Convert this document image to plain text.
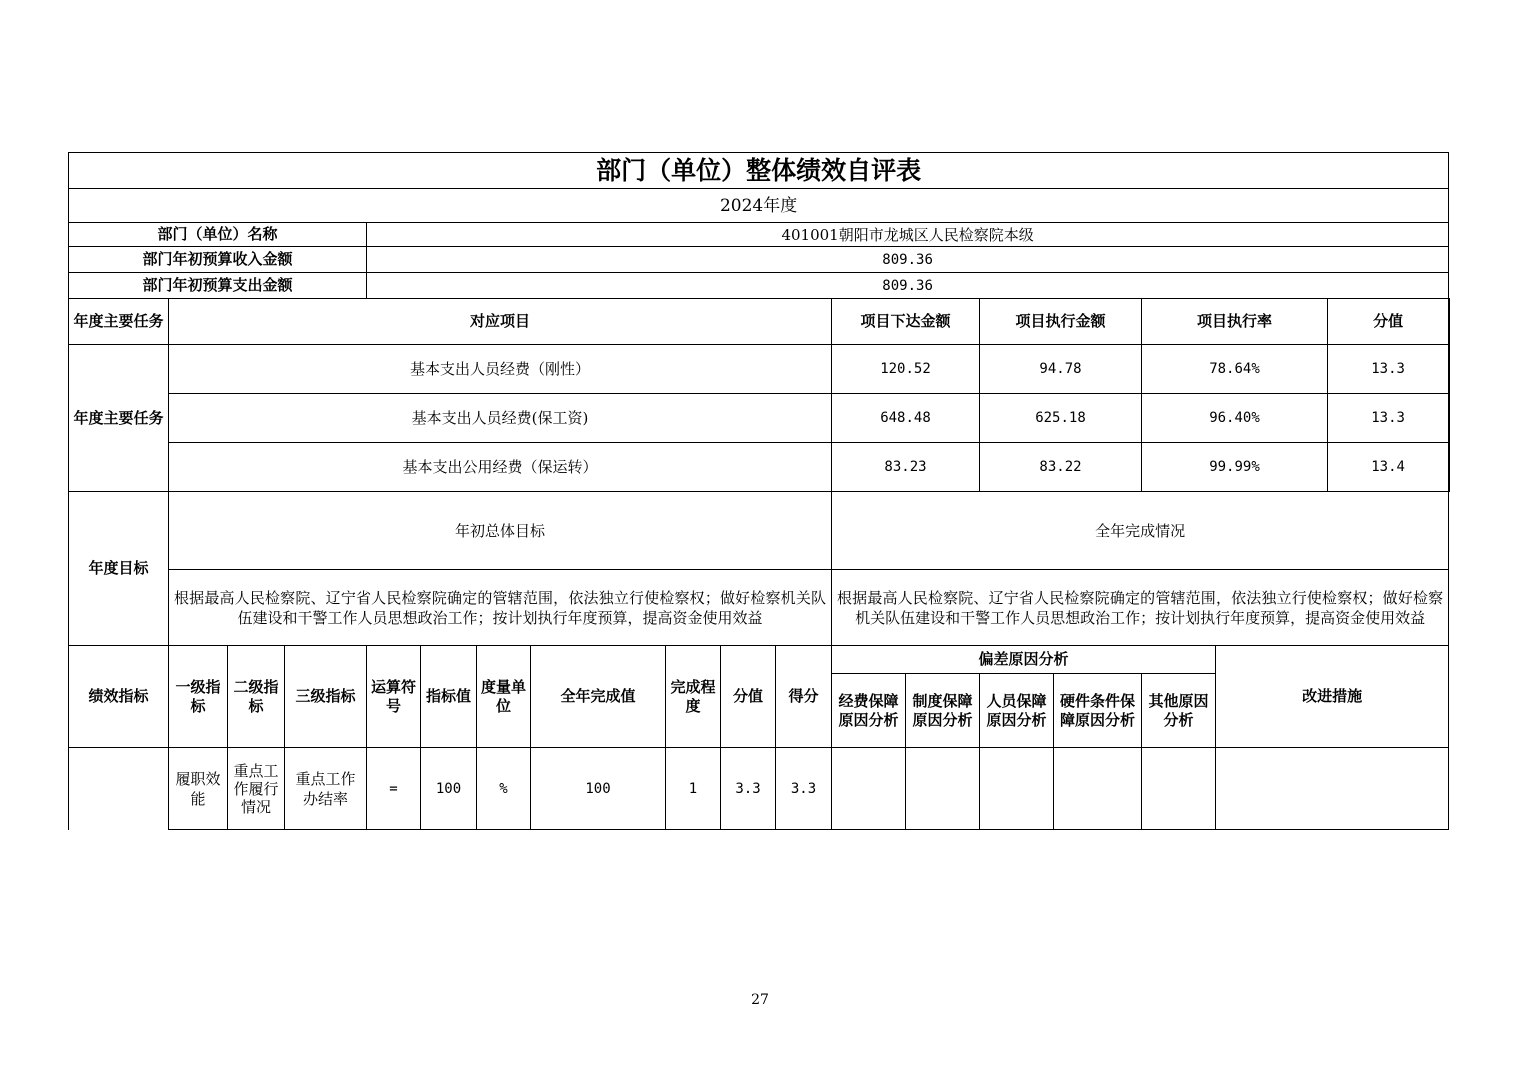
部门（单位）整体绩效自评表																		
2024年度																		
部门（单位）名称				401001朝阳市龙城区人民检察院本级														
部门年初预算收入金额				809.36														
部门年初预算支出金额				809.36														
年度主要任务	对应项目										项目下达金额		项目执行金额		项目执行率		分值	
年度主要任务	基本支出人员经费（刚性）										120.52		94.78		78.64%		13.3	
	基本支出人员经费(保工资)										648.48		625.18		96.40%		13.3	
	基本支出公用经费（保运转）										83.23		83.22		99.99%		13.4	
年度目标	年初总体目标										全年完成情况							
	根据最高人民检察院、辽宁省人民检察院确定的管辖范围，依法独立行使检察权；做好检察机关队伍建设和干警工作人员思想政治工作；按计划执行年度预算，提高资金使用效益										根据最高人民检察院、辽宁省人民检察院确定的管辖范围，依法独立行使检察权；做好检察机关队伍建设和干警工作人员思想政治工作；按计划执行年度预算，提高资金使用效益							
绩效指标	一级指标	二级指标	三级指标	运算符号	指标值	度量单位	全年完成值	完成程度	分值	得分	偏差原因分析					改进措施		
											经费保障原因分析	制度保障原因分析	人员保障原因分析	硬件条件保障原因分析	其他原因分析			
	履职效能	重点工作履行情况	重点工作办结率	=	100	%	100	1	3.3	3.3								
27
